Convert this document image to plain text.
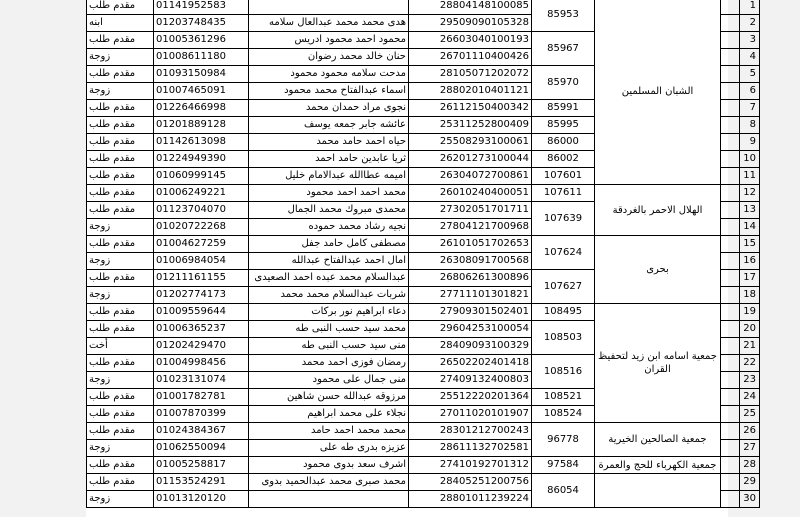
مقدم طلب	01141952583		28804148100085	85953	الشبان المسلمين		1
ابنه	01203748435	هدى محمد محمد عبدالعال سلامه	29509090105328				2
مقدم طلب	01005361296	محمود احمد محمود ادريس	26603040100193	85967			3
زوجة	01008611180	حنان خالد محمد رضوان	26701110400426				4
مقدم طلب	01093150984	مدحت سلامه محمود محمود	28105071202072	85970			5
زوجة	01007465091	اسماء عبدالفتاح محمد محمود	28802010401121				6
مقدم طلب	01226466998	نجوى مراد حمدان محمد	26112150400342	85991			7
مقدم طلب	01201889128	عائشه جابر جمعه يوسف	25311252800409	85995			8
مقدم طلب	01142613098	حياه احمد حامد محمد	25508293100061	86000			9
مقدم طلب	01224949390	ثريا عابدين حامد احمد	26201273100044	86002			10
مقدم طلب	01060999145	اميمه عطاالله عبدالامام خليل	26304072700861	107601			11
مقدم طلب	01006249221	محمد احمد احمد محمود	26010240400051	107611	الهلال الاحمر بالغردقة		12
مقدم طلب	01123704070	محمدى مبروك محمد الجمال	27302051701711	107639			13
زوجة	01020722268	نجيه رشاد محمد حموده	27804121700968				14
مقدم طلب	01004627259	مصطفى كامل حامد جفل	26101051702653	107624	بحرى		15
زوجة	01006984054	امال احمد عبدالفتاح عبدالله	26308091700568				16
مقدم طلب	01211161155	عبدالسلام محمد عبده احمد الصعيدى	26806261300896	107627			17
زوجة	01202774173	شربات عبدالسلام محمد محمد	27711101301821				18
مقدم طلب	01009559644	دعاء ابراهيم نور بركات	27909301502401	108495	جمعية اسامه ابن زيد لتحفيظ القران		19
مقدم طلب	01006365237	محمد سيد حسب النبى طه	29604253100054	108503			20
أخت	01202429470	منى سيد حسب النبى طه	28409093100329				21
مقدم طلب	01004998456	رمضان فوزى احمد محمد	26502202401418	108516			22
زوجة	01023131074	منى جمال على محمود	27409132400803				23
مقدم طلب	01001782781	مرزوقه عبدالله حسن شاهين	25512220201364	108521			24
مقدم طلب	01007870399	نجلاء على محمد ابراهيم	27011020101907	108524			25
مقدم طلب	01024384367	محمد محمد احمد حامد	28301212700243	96778	جمعية الصالحين الخيرية		26
زوجة	01062550094	عزيزه بدرى طه على	28611132702581				27
مقدم طلب	01005258817	اشرف سعد بدوى محمود	27410192701312	97584	جمعية الكهرباء للحج والعمرة		28
مقدم طلب	01153524291	محمد صبرى محمد عبدالحميد بدوى	28405251200756	86054			29
زوجة	01013120120		28801011239224				30
